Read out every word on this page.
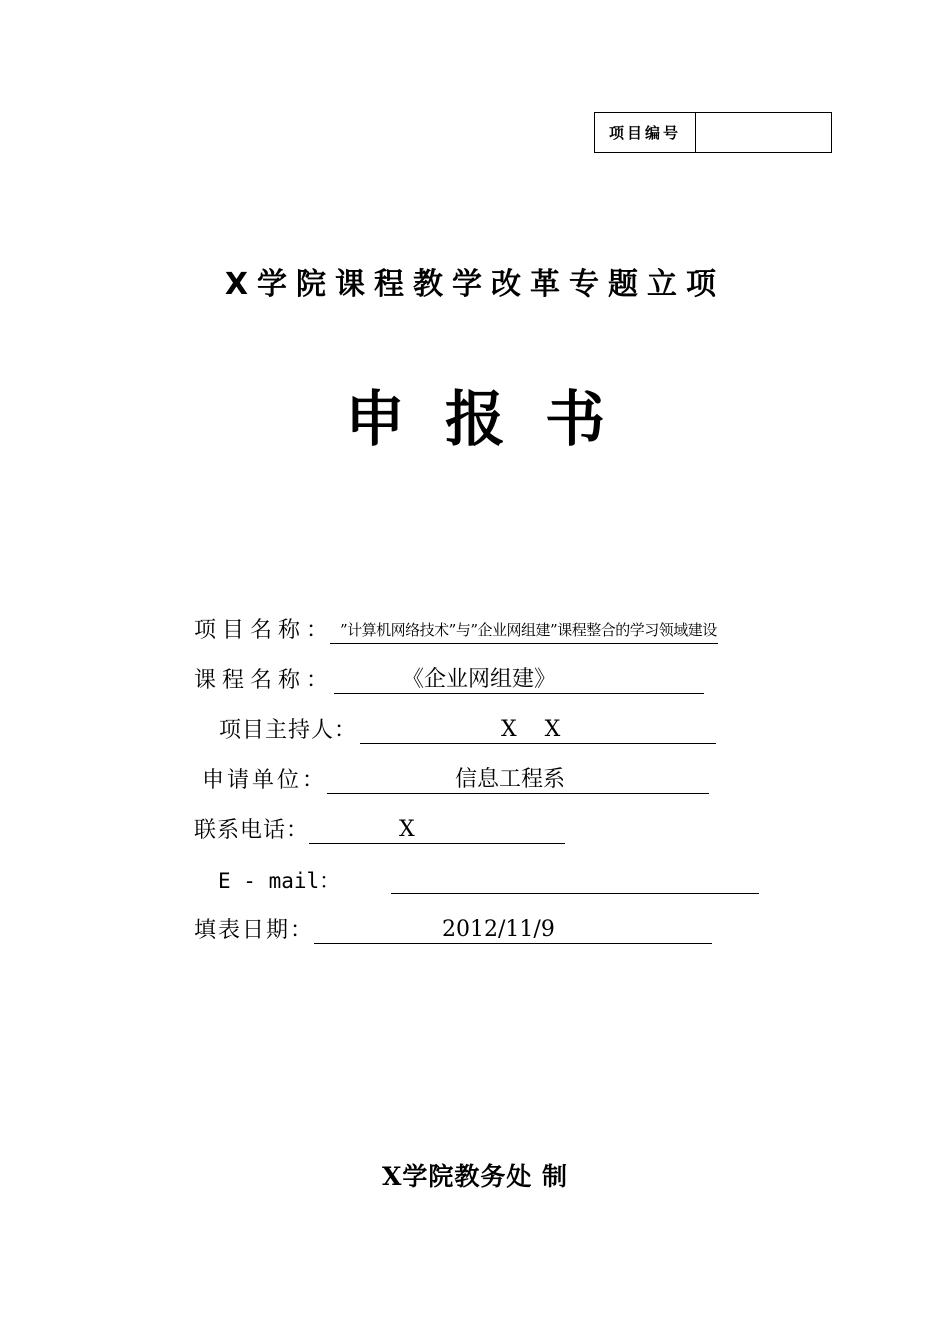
项目编号
X学院课程教学改革专题立项
申报书
项目名称： ”计算机网络技术”与”企业网组建”课程整合的学习领域建设
课程名称：	《企业网组建》
项目主持人：	X    X
申请单位：	信息工程系
联系电话：	X
E - mail：
填表日期：	2012/11/9
X学院教务处 制
